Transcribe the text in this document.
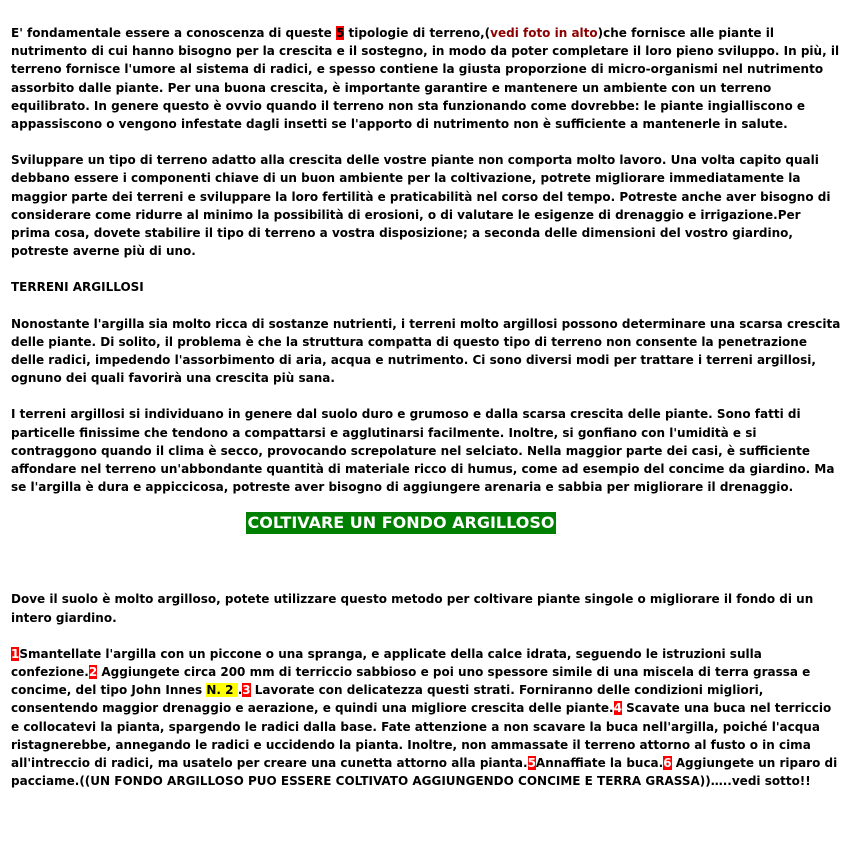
E' fondamentale essere a conoscenza di queste 5 tipologie di terreno,(vedi foto in alto)che fornisce alle piante il nutrimento di cui hanno bisogno per la crescita e il sostegno, in modo da poter completare il loro pieno sviluppo. In più, il terreno fornisce l'umore al sistema di radici, e spesso contiene la giusta proporzione di micro-organismi nel nutrimento assorbito dalle piante. Per una buona crescita, è importante garantire e mantenere un ambiente con un terreno equilibrato. In genere questo è ovvio quando il terreno non sta funzionando come dovrebbe: le piante ingialliscono e appassiscono o vengono infestate dagli insetti se l'apporto di nutrimento non è sufficiente a mantenerle in salute.

Sviluppare un tipo di terreno adatto alla crescita delle vostre piante non comporta molto lavoro. Una volta capito quali debbano essere i componenti chiave di un buon ambiente per la coltivazione, potrete migliorare immediatamente la maggior parte dei terreni e sviluppare la loro fertilità e praticabilità nel corso del tempo. Potreste anche aver bisogno di considerare come ridurre al minimo la possibilità di erosioni, o di valutare le esigenze di drenaggio e irrigazione.Per prima cosa, dovete stabilire il tipo di terreno a vostra disposizione; a seconda delle dimensioni del vostro giardino, potreste averne più di uno.

TERRENI ARGILLOSI

Nonostante l'argilla sia molto ricca di sostanze nutrienti, i terreni molto argillosi possono determinare una scarsa crescita delle piante. Di solito, il problema è che la struttura compatta di questo tipo di terreno non consente la penetrazione delle radici, impedendo l'assorbimento di aria, acqua e nutrimento. Ci sono diversi modi per trattare i terreni argillosi, ognuno dei quali favorirà una crescita più sana.

I terreni argillosi si individuano in genere dal suolo duro e grumoso e dalla scarsa crescita delle piante. Sono fatti di particelle finissime che tendono a compattarsi e agglutinarsi facilmente. Inoltre, si gonfiano con l'umidità e si contraggono quando il clima è secco, provocando screpolature nel selciato. Nella maggior parte dei casi, è sufficiente affondare nel terreno un'abbondante quantità di materiale ricco di humus, come ad esempio del concime da giardino. Ma se l'argilla è dura e appiccicosa, potreste aver bisogno di aggiungere arenaria e sabbia per migliorare il drenaggio.

COLTIVARE UN FONDO ARGILLOSO

Dove il suolo è molto argilloso, potete utilizzare questo metodo per coltivare piante singole o migliorare il fondo di un intero giardino.

1Smantellate l'argilla con un piccone o una spranga, e applicate della calce idrata, seguendo le istruzioni sulla confezione.2 Aggiungete circa 200 mm di terriccio sabbioso e poi uno spessore simile di una miscela di terra grassa e concime, del tipo John Innes N. 2 .3 Lavorate con delicatezza questi strati. Forniranno delle condizioni migliori, consentendo maggior drenaggio e aerazione, e quindi una migliore crescita delle piante.4 Scavate una buca nel terriccio e collocatevi la pianta, spargendo le radici dalla base. Fate attenzione a non scavare la buca nell'argilla, poiché l'acqua ristagnerebbe, annegando le radici e uccidendo la pianta. Inoltre, non ammassate il terreno attorno al fusto o in cima all'intreccio di radici, ma usatelo per creare una cunetta attorno alla pianta.5Annaffiate la buca.6 Aggiungete un riparo di pacciame.((UN FONDO ARGILLOSO PUO ESSERE COLTIVATO AGGIUNGENDO CONCIME E TERRA GRASSA))…..vedi sotto!!
